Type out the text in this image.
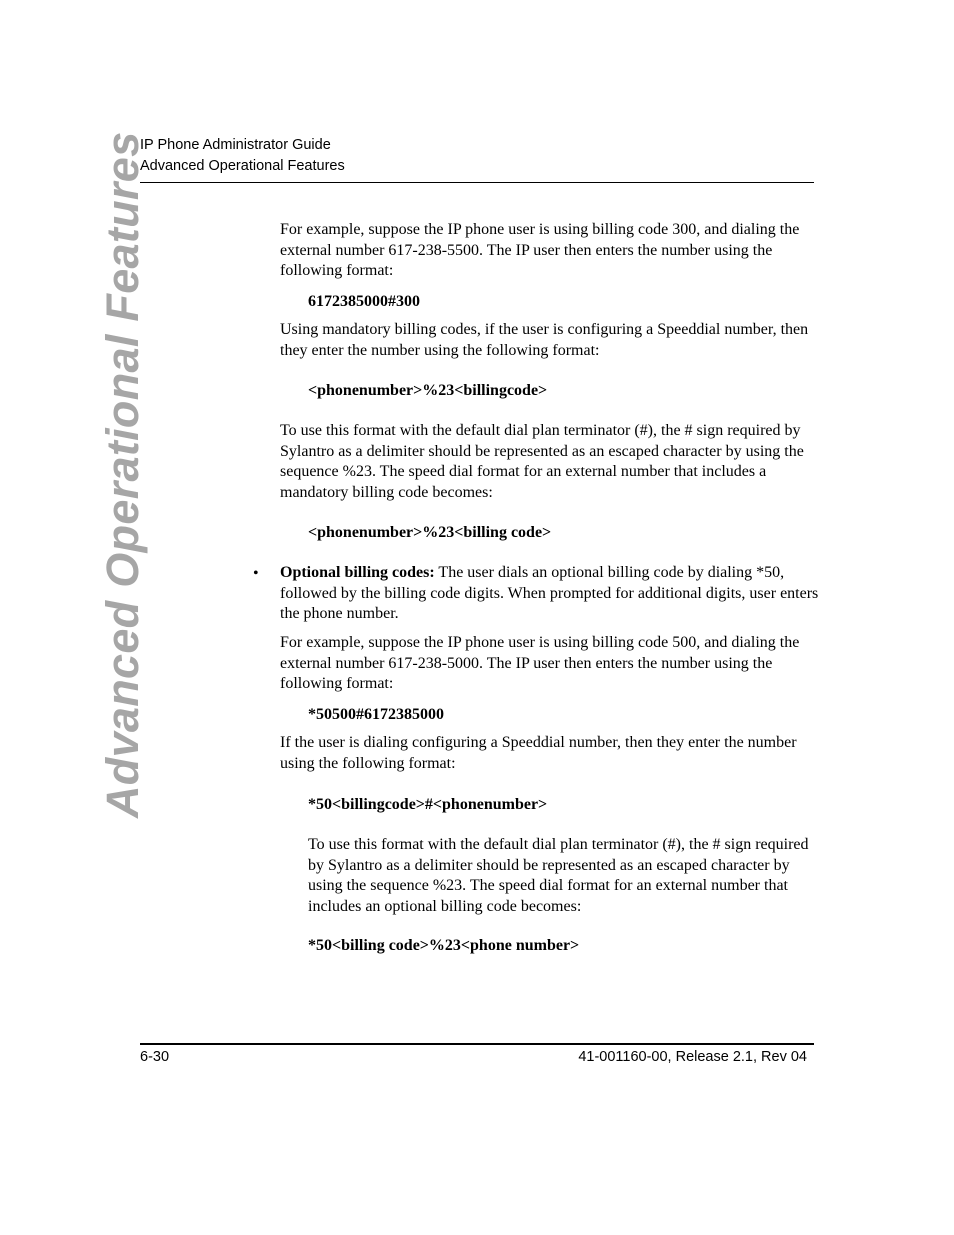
IP Phone Administrator Guide
Advanced Operational Features
Advanced Operational Features	For example, suppose the IP phone user is using billing code 300, and dialing the external number 617-238-5500. The IP user then enters the number using the following format:

6172385000#300

Using mandatory billing codes, if the user is configuring a Speeddial number, then they enter the number using the following format:

<phonenumber>%23<billingcode>

To use this format with the default dial plan terminator (#), the # sign required by Sylantro as a delimiter should be represented as an escaped character by using the sequence %23. The speed dial format for an external number that includes a mandatory billing code becomes:

<phonenumber>%23<billing code>

• Optional billing codes: The user dials an optional billing code by dialing *50, followed by the billing code digits. When prompted for additional digits, user enters the phone number.

For example, suppose the IP phone user is using billing code 500, and dialing the external number 617-238-5000. The IP user then enters the number using the following format:

*50500#6172385000

If the user is dialing configuring a Speeddial number, then they enter the number using the following format:

*50<billingcode>#<phonenumber>

To use this format with the default dial plan terminator (#), the # sign required by Sylantro as a delimiter should be represented as an escaped character by using the sequence %23. The speed dial format for an external number that includes an optional billing code becomes:

*50<billing code>%23<phone number>

6-30	41-001160-00, Release 2.1, Rev 04
